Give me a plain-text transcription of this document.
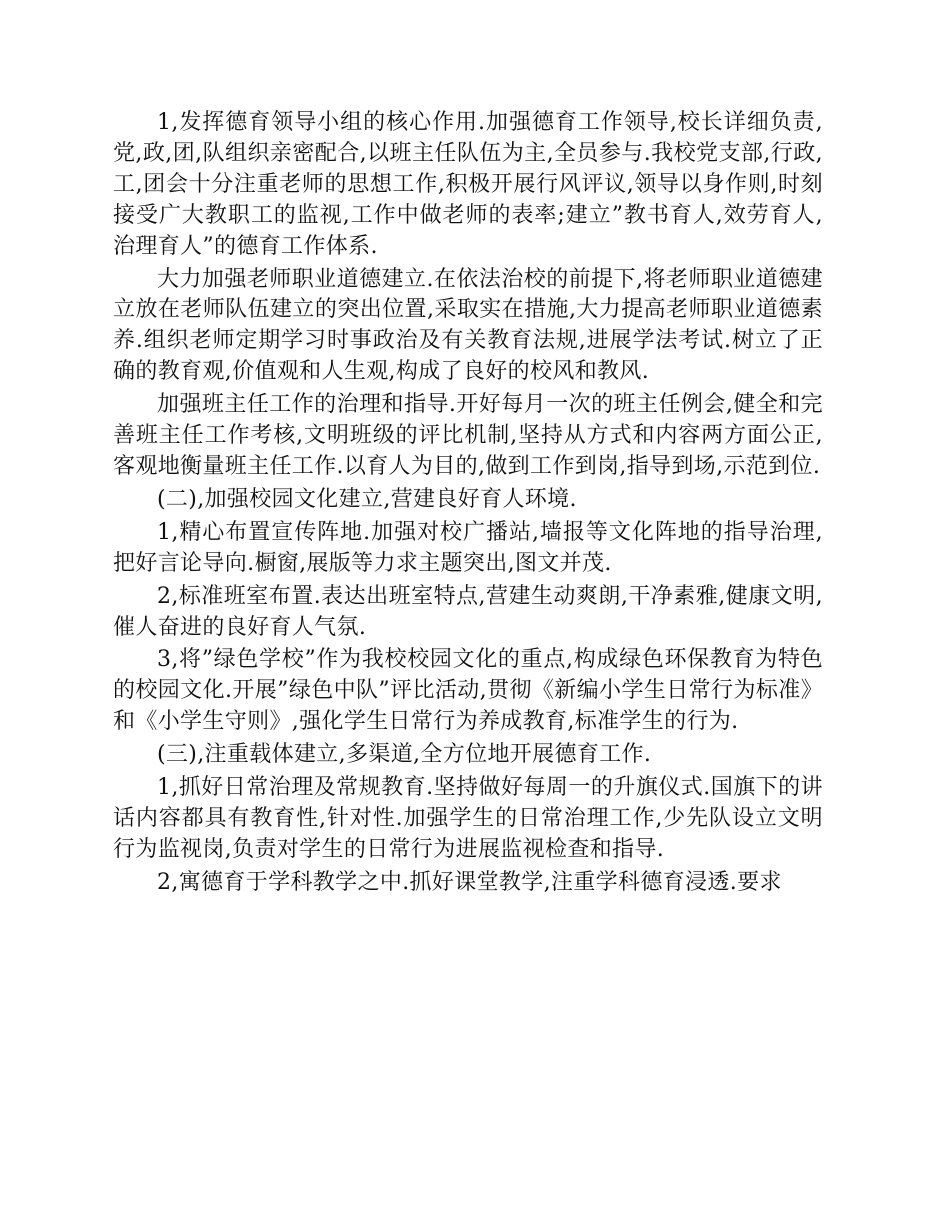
1,发挥德育领导小组的核心作用.加强德育工作领导,校长详细负责,党,政,团,队组织亲密配合,以班主任队伍为主,全员参与.我校党支部,行政,工,团会十分注重老师的思想工作,积极开展行风评议,领导以身作则,时刻接受广大教职工的监视,工作中做老师的表率;建立”教书育人,效劳育人,治理育人”的德育工作体系.

大力加强老师职业道德建立.在依法治校的前提下,将老师职业道德建立放在老师队伍建立的突出位置,采取实在措施,大力提高老师职业道德素养.组织老师定期学习时事政治及有关教育法规,进展学法考试.树立了正确的教育观,价值观和人生观,构成了良好的校风和教风.

加强班主任工作的治理和指导.开好每月一次的班主任例会,健全和完善班主任工作考核,文明班级的评比机制,坚持从方式和内容两方面公正,客观地衡量班主任工作.以育人为目的,做到工作到岗,指导到场,示范到位.

(二),加强校园文化建立,营建良好育人环境.

1,精心布置宣传阵地.加强对校广播站,墙报等文化阵地的指导治理,把好言论导向.橱窗,展版等力求主题突出,图文并茂.

2,标准班室布置.表达出班室特点,营建生动爽朗,干净素雅,健康文明,催人奋进的良好育人气氛.

3,将”绿色学校”作为我校校园文化的重点,构成绿色环保教育为特色的校园文化.开展”绿色中队”评比活动,贯彻《新编小学生日常行为标准》和《小学生守则》,强化学生日常行为养成教育,标准学生的行为.

(三),注重载体建立,多渠道,全方位地开展德育工作.

1,抓好日常治理及常规教育.坚持做好每周一的升旗仪式.国旗下的讲话内容都具有教育性,针对性.加强学生的日常治理工作,少先队设立文明行为监视岗,负责对学生的日常行为进展监视检查和指导.

2,寓德育于学科教学之中.抓好课堂教学,注重学科德育浸透.要求
